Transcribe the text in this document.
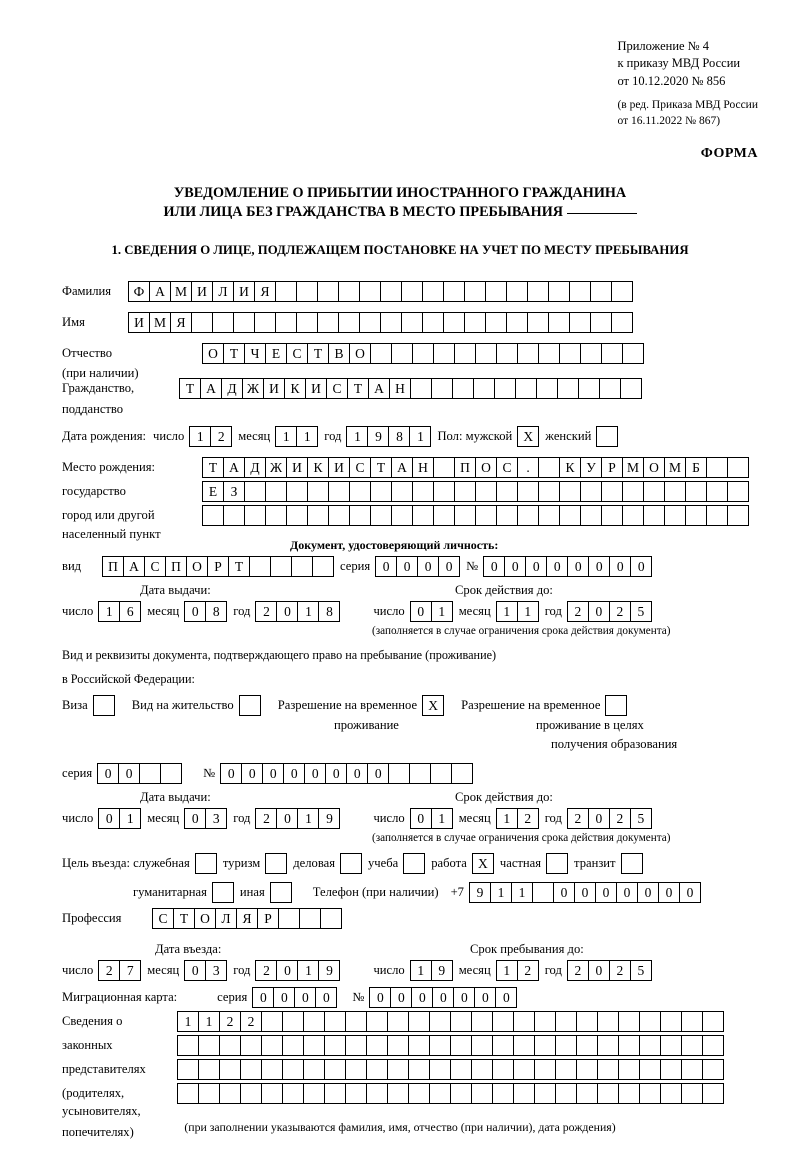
Приложение № 4
к приказу МВД России
от 10.12.2020 № 856
(в ред. Приказа МВД России
от 16.11.2022 № 867)
ФОРМА
УВЕДОМЛЕНИЕ О ПРИБЫТИИ ИНОСТРАННОГО ГРАЖДАНИНА
ИЛИ ЛИЦА БЕЗ ГРАЖДАНСТВА В МЕСТО ПРЕБЫВАНИЯ
1. СВЕДЕНИЯ О ЛИЦЕ, ПОДЛЕЖАЩЕМ ПОСТАНОВКЕ НА УЧЕТ ПО МЕСТУ ПРЕБЫВАНИЯ
Фамилия	Ф А М И Л И Я
Имя	И М Я
Отчество	О Т Ч Е С Т В О
(при наличии)
Гражданство,	Т А Д Ж И К И С Т А Н
подданство
Дата рождения: число 1	2	месяц 1	1	год 1	9	8	1	Пол: мужской X женский
Место рождения:	Т А Д Ж И К И С Т А Н	П О С	.	К У Р М О М Б
государство	Е З
город или другой
населенный пункт
Документ, удостоверяющий личность:
вид	П А С П О Р Т	серия 0	0	0	0	№ 0	0	0	0	0	0	0	0
Дата выдачи:	Срок действия до:
число 1	6	месяц 0	8	год 2	0	1	8	число 0	1	месяц 1	1	год 2	0	2	5
(заполняется в случае ограничения срока действия документа)
Вид и реквизиты документа, подтверждающего право на пребывание (проживание)
в Российской Федерации:
Виза	Вид на жительство	Разрешение на временное X	Разрешение на временное
проживание	проживание в целях
получения образования
серия 0	0	№ 0	0	0	0	0	0	0	0
Дата выдачи:	Срок действия до:
число 0	1	месяц 0	3	год 2	0	1	9	число 0	1	месяц 1	2	год 2	0	2	5
(заполняется в случае ограничения срока действия документа)
Цель въезда: служебная	туризм	деловая	учеба	работа X частная	транзит
гуманитарная	иная	Телефон (при наличии) +7 9	1	1	0	0	0	0	0	0	0
Профессия	С Т О Л Я Р
Дата въезда:	Срок пребывания до:
число 2	7	месяц 0	3	год 2	0	1	9	число 1	9	месяц 1	2	год 2	0	2	5
Миграционная карта:	серия 0	0	0	0	№ 0	0	0	0	0	0	0
Сведения о	1	1	2	2
законных
представителях
(родителях,
усыновителях,
попечителях)	(при заполнении указываются фамилия, имя, отчество (при наличии), дата рождения)
